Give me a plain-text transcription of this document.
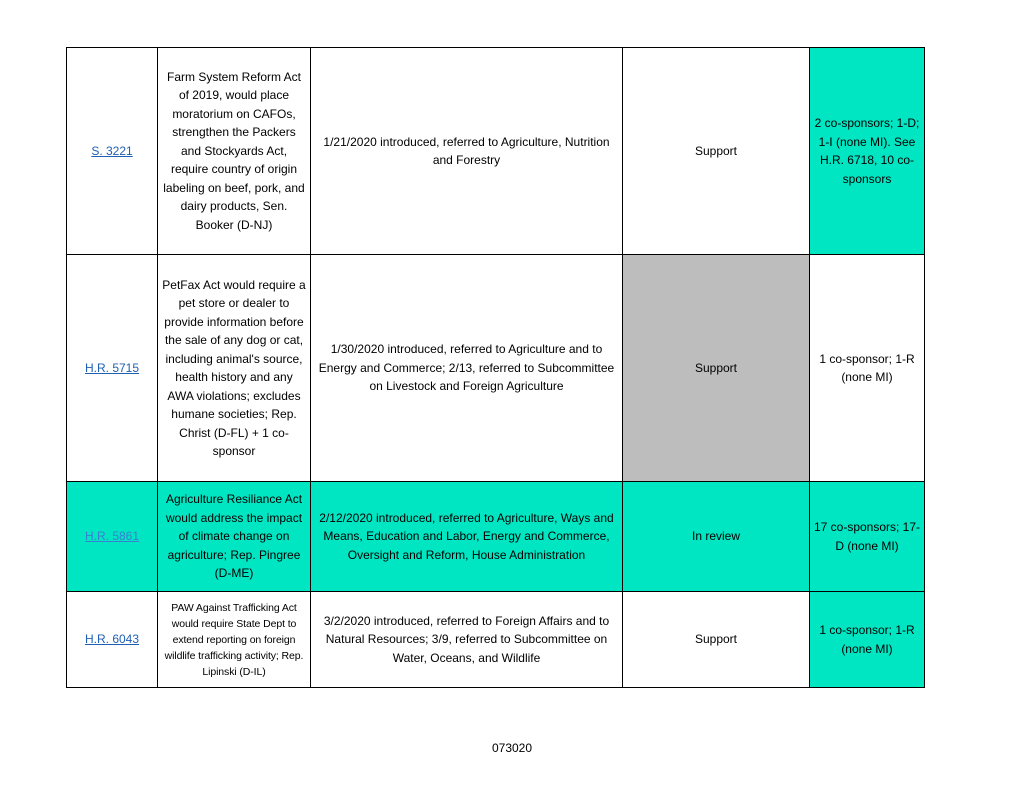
S. 3221	Farm System Reform Act of 2019, would place moratorium on CAFOs, strengthen the Packers and Stockyards Act, require country of origin labeling on beef, pork, and dairy products, Sen. Booker (D-NJ)	1/21/2020 introduced, referred to Agriculture, Nutrition and Forestry	Support	2 co-sponsors; 1-D; 1-I (none MI). See H.R. 6718, 10 co-sponsors
H.R. 5715	PetFax Act would require a pet store or dealer to provide information before the sale of any dog or cat, including animal's source, health history and any AWA violations; excludes humane societies; Rep. Christ (D-FL) + 1 co-sponsor	1/30/2020 introduced, referred to Agriculture and to Energy and Commerce; 2/13, referred to Subcommittee on Livestock and Foreign Agriculture	Support	1 co-sponsor; 1-R (none MI)
H.R. 5861	Agriculture Resiliance Act would address the impact of climate change on agriculture; Rep. Pingree (D-ME)	2/12/2020 introduced, referred to Agriculture, Ways and Means, Education and Labor, Energy and Commerce, Oversight and Reform, House Administration	In review	17 co-sponsors; 17-D (none MI)
H.R. 6043	PAW Against Trafficking Act would require State Dept to extend reporting on foreign wildlife trafficking activity; Rep. Lipinski (D-IL)	3/2/2020 introduced, referred to Foreign Affairs and to Natural Resources; 3/9, referred to Subcommittee on Water, Oceans, and Wildlife	Support	1 co-sponsor; 1-R (none MI)
073020
